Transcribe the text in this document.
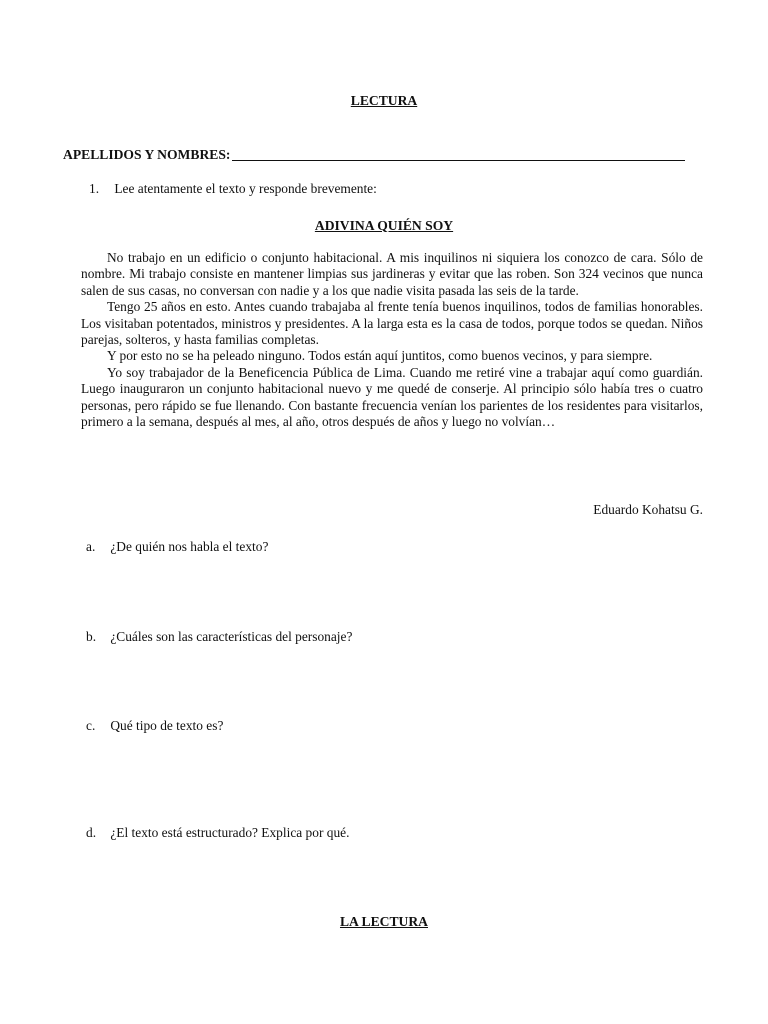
LECTURA
APELLIDOS Y NOMBRES:
1. Lee atentamente el texto y responde brevemente:
ADIVINA QUIÉN SOY

No trabajo en un edificio o conjunto habitacional. A mis inquilinos ni siquiera los conozco de cara. Sólo de nombre. Mi trabajo consiste en mantener limpias sus jardineras y evitar que las roben. Son 324 vecinos que nunca salen de sus casas, no conversan con nadie y a los que nadie visita pasada las seis de la tarde.

Tengo 25 años en esto. Antes cuando trabajaba al frente tenía buenos inquilinos, todos de familias honorables. Los visitaban potentados, ministros y presidentes. A la larga esta es la casa de todos, porque todos se quedan. Niños parejas, solteros, y hasta familias completas.

Y por esto no se ha peleado ninguno. Todos están aquí juntitos, como buenos vecinos, y para siempre.

Yo soy trabajador de la Beneficencia Pública de Lima. Cuando me retiré vine a trabajar aquí como guardián. Luego inauguraron un conjunto habitacional nuevo y me quedé de conserje. Al principio sólo había tres o cuatro personas, pero rápido se fue llenando. Con bastante frecuencia venían los parientes de los residentes para visitarlos, primero a la semana, después al mes, al año, otros después de años y luego no volvían…

Eduardo Kohatsu G.
a. ¿De quién nos habla el texto?
b. ¿Cuáles son las características del personaje?
c. Qué tipo de texto es?
d. ¿El texto está estructurado? Explica por qué.
LA LECTURA
